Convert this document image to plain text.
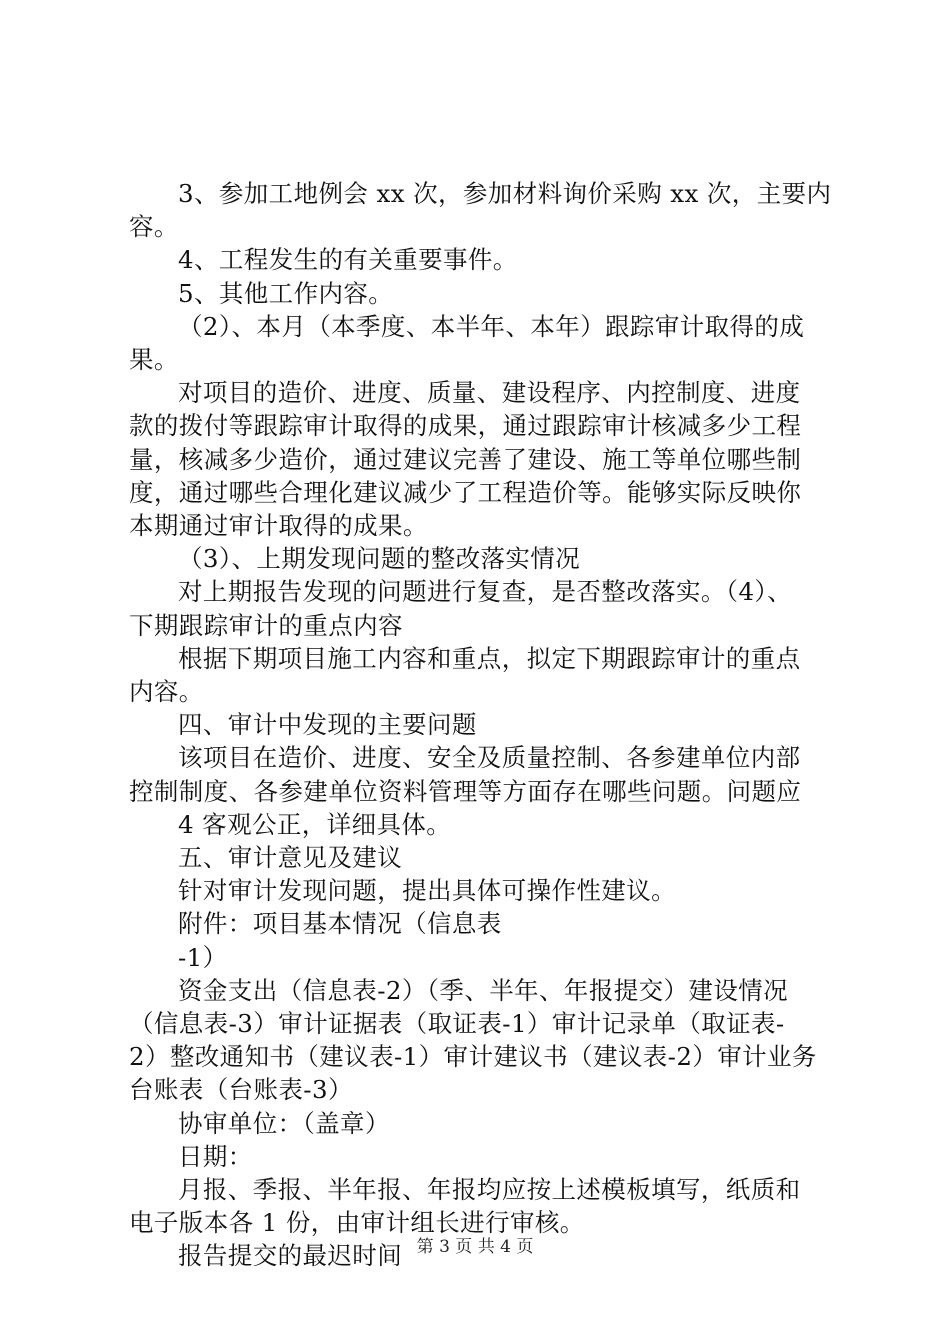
3、参加工地例会 xx 次，参加材料询价采购 xx 次，主要内
容。
4、工程发生的有关重要事件。
5、其他工作内容。
（2）、本月（本季度、本半年、本年）跟踪审计取得的成
果。
对项目的造价、进度、质量、建设程序、内控制度、进度
款的拨付等跟踪审计取得的成果，通过跟踪审计核减多少工程
量，核减多少造价，通过建议完善了建设、施工等单位哪些制
度，通过哪些合理化建议减少了工程造价等。能够实际反映你
本期通过审计取得的成果。
（3）、上期发现问题的整改落实情况
对上期报告发现的问题进行复查，是否整改落实。（4）、
下期跟踪审计的重点内容
根据下期项目施工内容和重点，拟定下期跟踪审计的重点
内容。
四、审计中发现的主要问题
该项目在造价、进度、安全及质量控制、各参建单位内部
控制制度、各参建单位资料管理等方面存在哪些问题。问题应
4 客观公正，详细具体。
五、审计意见及建议
针对审计发现问题，提出具体可操作性建议。
附件：项目基本情况（信息表
-1）
资金支出（信息表-2）（季、半年、年报提交）建设情况
（信息表-3）审计证据表（取证表-1）审计记录单（取证表-
2）整改通知书（建议表-1）审计建议书（建议表-2）审计业务
台账表（台账表-3）
协审单位：（盖章）
日期：
月报、季报、半年报、年报均应按上述模板填写，纸质和
电子版本各 1 份，由审计组长进行审核。
报告提交的最迟时间 第 3 页 共 4 页
